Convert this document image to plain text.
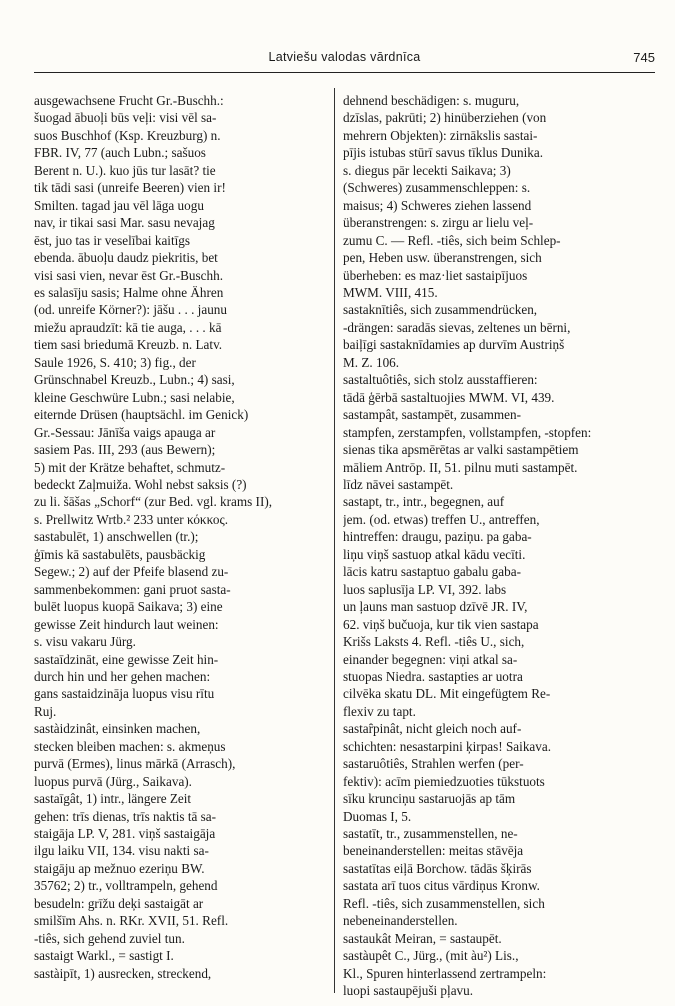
Latviešu valodas vārdnīca	745
ausgewachsene Frucht Gr.-Buschh.:
šuogad ābuoļi būs veļi: visi vēl sa-
suos Buschhof (Ksp. Kreuzburg) n.
FBR. IV, 77 (auch Lubn.; sašuos
Berent n. U.). kuo jūs tur lasāt? tie
tik tādi sasi (unreife Beeren) vien ir!
Smilten. tagad jau vēl lāga uogu
nav, ir tikai sasi Mar. sasu nevajag
ēst, juo tas ir veselībai kaitīgs
ebenda. ābuoļu daudz piekritis, bet
visi sasi vien, nevar ēst Gr.-Buschh.
es salasīju sasis; Halme ohne Ähren
(od. unreife Körner?): jāšu . . . jaunu
miežu apraudzīt: kā tie auga, . . . kā
tiem sasi briedumā Kreuzb. n. Latv.
Saule 1926, S. 410; 3) fig., der
Grünschnabel Kreuzb., Lubn.; 4) sasi,
kleine Geschwüre Lubn.; sasi nelabie,
eiternde Drüsen (hauptsächl. im Genick)
Gr.-Sessau: Jānīša vaigs apauga ar
sasiem Pas. III, 293 (aus Bewern);
5) mit der Krätze behaftet, schmutz-
bedeckt Zaļmuiža. Wohl nebst saksis (?)
zu li. šāšas „Schorf“ (zur Bed. vgl. krams II),
s. Prellwitz Wrtb.² 233 unter κόκκος.
sastabulēt, 1) anschwellen (tr.);
ģīmis kā sastabulēts, pausbäckig
Segew.; 2) auf der Pfeife blasend zu-
sammenbekommen: gani pruot sasta-
bulēt luopus kuopā Saikava; 3) eine
gewisse Zeit hindurch laut weinen:
s. visu vakaru Jürg.
sastaīdzināt, eine gewisse Zeit hin-
durch hin und her gehen machen:
gans sastaidzināja luopus visu rītu
Ruj.
sastàidzinât, einsinken machen,
stecken bleiben machen: s. akmeņus
purvā (Ermes), linus mārkā (Arrasch),
luopus purvā (Jürg., Saikava).
sastaīgât, 1) intr., längere Zeit
gehen: trīs dienas, trīs naktis tā sa-
staigāja LP. V, 281. viņš sastaigāja
ilgu laiku VII, 134. visu nakti sa-
staigāju ap mežnuo ezeriņu BW.
35762; 2) tr., volltrampeln, gehend
besudeln: grīžu deķi sastaigāt ar
smilšīm Ahs. n. RKr. XVII, 51. Refl.
-tiês, sich gehend zuviel tun.
sastaigt Warkl., = sastigt I.
sastàipīt, 1) ausrecken, streckend,
dehnend beschädigen: s. muguru,
dzīslas, pakrūti; 2) hinüberziehen (von
mehrern Objekten): zirnākslis sastai-
pījis istubas stūrī savus tīklus Dunika.
s. diegus pār lecekti Saikava; 3)
(Schweres) zusammenschleppen: s.
maisus; 4) Schweres ziehen lassend
überanstrengen: s. zirgu ar lielu veļ-
zumu C. — Refl. -tiês, sich beim Schlep-
pen, Heben usw. überanstrengen, sich
überheben: es maz·liet sastaipījuos
MWM. VIII, 415.
sastaknītiês, sich zusammendrücken,
-drängen: saradās sievas, zeltenes un bērni,
baiļīgi sastaknīdamies ap durvīm Austriņš
M. Z. 106.
sastaltuôtiês, sich stolz ausstaffieren:
tādā ģērbā sastaltuojies MWM. VI, 439.
sastampât, sastampēt, zusammen-
stampfen, zerstampfen, vollstampfen, -stopfen:
sienas tika apsmērētas ar valki sastampētiem
māliem Antrōp. II, 51. pilnu muti sastampēt.
līdz nāvei sastampēt.
sastapt, tr., intr., begegnen, auf
jem. (od. etwas) treffen U., antreffen,
hintreffen: draugu, paziņu. pa gaba-
liņu viņš sastuop atkal kādu vecīti.
lācis katru sastaptuo gabalu gaba-
luos saplusīja LP. VI, 392. labs
un ļauns man sastuop dzīvē JR. IV,
62. viņš bučuoja, kur tik vien sastapa
Krišs Laksts 4. Refl. -tiês U., sich,
einander begegnen: viņi atkal sa-
stuopas Niedra. sastapties ar uotra
cilvēka skatu DL. Mit eingefügtem Re-
flexiv zu tapt.
sastaȓpinât, nicht gleich noch auf-
schichten: nesastarpini ķirpas! Saikava.
sastaruôtiês, Strahlen werfen (per-
fektiv): acīm piemiedzuoties tūkstuots
sīku krunciņu sastaruojās ap tām
Duomas I, 5.
sastatīt, tr., zusammenstellen, ne-
beneinanderstellen: meitas stāvēja
sastatītas eiļā Borchow. tādās šķirās
sastata arī tuos citus vārdiņus Kronw.
Refl. -tiês, sich zusammenstellen, sich
nebeneinanderstellen.
sastaukât Meiran, = sastaupēt.
sastàupêt C., Jürg., (mit àu²) Lis.,
Kl., Spuren hinterlassend zertrampeln:
luopi sastaupējuši pļavu.
